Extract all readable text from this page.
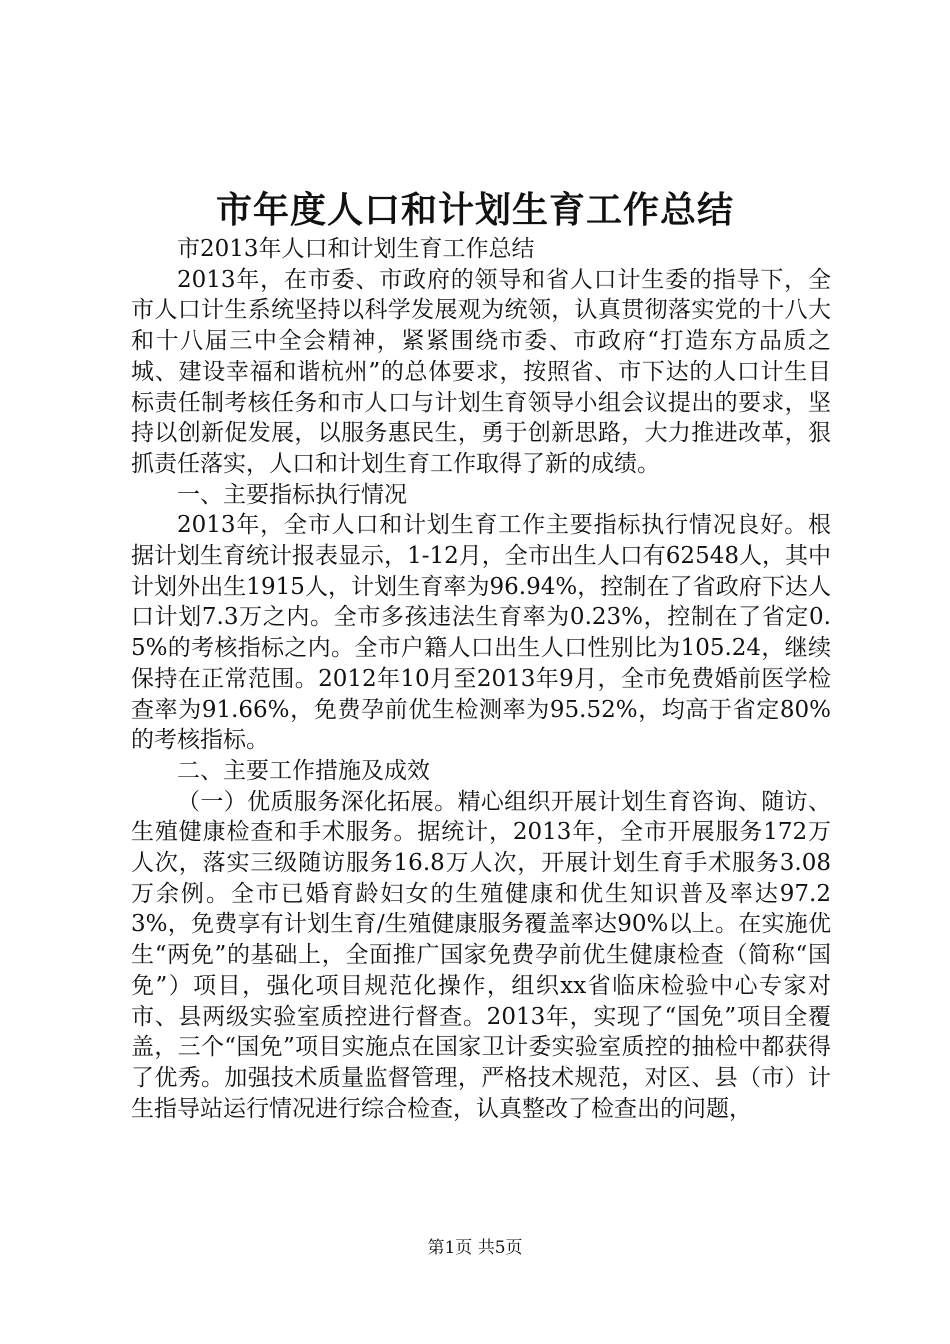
市年度人口和计划生育工作总结

市2013年人口和计划生育工作总结

2013年，在市委、市政府的领导和省人口计生委的指导下，全市人口计生系统坚持以科学发展观为统领，认真贯彻落实党的十八大和十八届三中全会精神，紧紧围绕市委、市政府“打造东方品质之城、建设幸福和谐杭州”的总体要求，按照省、市下达的人口计生目标责任制考核任务和市人口与计划生育领导小组会议提出的要求，坚持以创新促发展，以服务惠民生，勇于创新思路，大力推进改革，狠抓责任落实，人口和计划生育工作取得了新的成绩。

一、主要指标执行情况

2013年，全市人口和计划生育工作主要指标执行情况良好。根据计划生育统计报表显示，1-12月，全市出生人口有62548人，其中计划外出生1915人，计划生育率为96.94%，控制在了省政府下达人口计划7.3万之内。全市多孩违法生育率为0.23%，控制在了省定0.5%的考核指标之内。全市户籍人口出生人口性别比为105.24，继续保持在正常范围。2012年10月至2013年9月，全市免费婚前医学检查率为91.66%，免费孕前优生检测率为95.52%，均高于省定80%的考核指标。

二、主要工作措施及成效

（一）优质服务深化拓展。精心组织开展计划生育咨询、随访、生殖健康检查和手术服务。据统计，2013年，全市开展服务172万人次，落实三级随访服务16.8万人次，开展计划生育手术服务3.08万余例。全市已婚育龄妇女的生殖健康和优生知识普及率达97.23%，免费享有计划生育/生殖健康服务覆盖率达90%以上。在实施优生“两免”的基础上，全面推广国家免费孕前优生健康检查（简称“国免”）项目，强化项目规范化操作，组织xx省临床检验中心专家对市、县两级实验室质控进行督查。2013年，实现了“国免”项目全覆盖，三个“国免”项目实施点在国家卫计委实验室质控的抽检中都获得了优秀。加强技术质量监督管理，严格技术规范，对区、县（市）计生指导站运行情况进行综合检查，认真整改了检查出的问题，

第1页 共5页
